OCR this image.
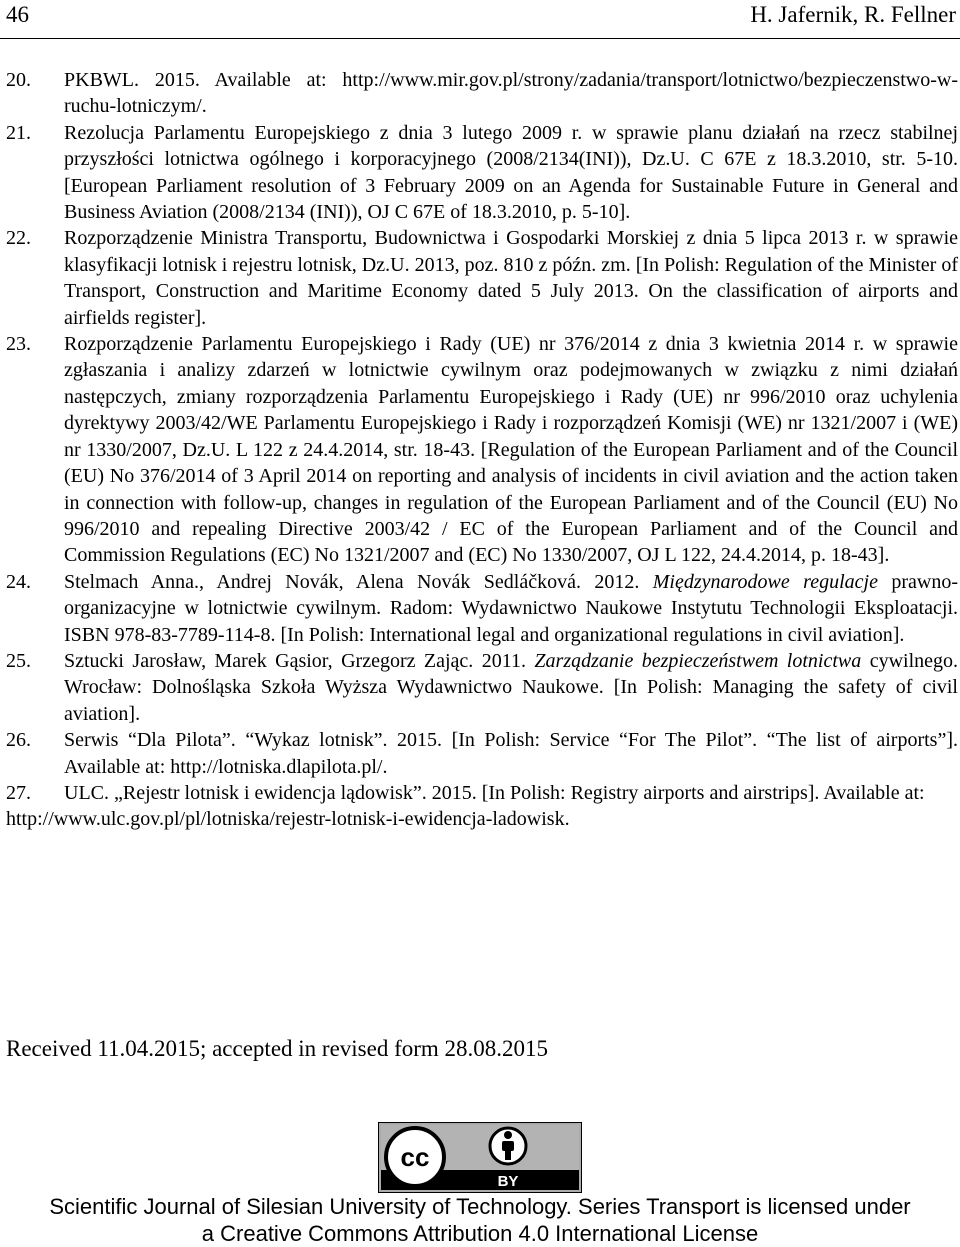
46	H. Jafernik, R. Fellner
20. PKBWL. 2015. Available at: http://www.mir.gov.pl/strony/zadania/transport/lotnictwo/bezpieczenstwo-w-ruchu-lotniczym/.
21. Rezolucja Parlamentu Europejskiego z dnia 3 lutego 2009 r. w sprawie planu działań na rzecz stabilnej przyszłości lotnictwa ogólnego i korporacyjnego (2008/2134(INI)), Dz.U. C 67E z 18.3.2010, str. 5-10. [European Parliament resolution of 3 February 2009 on an Agenda for Sustainable Future in General and Business Aviation (2008/2134 (INI)), OJ C 67E of 18.3.2010, p. 5-10].
22. Rozporządzenie Ministra Transportu, Budownictwa i Gospodarki Morskiej z dnia 5 lipca 2013 r. w sprawie klasyfikacji lotnisk i rejestru lotnisk, Dz.U. 2013, poz. 810 z późn. zm. [In Polish: Regulation of the Minister of Transport, Construction and Maritime Economy dated 5 July 2013. On the classification of airports and airfields register].
23. Rozporządzenie Parlamentu Europejskiego i Rady (UE) nr 376/2014 z dnia 3 kwietnia 2014 r. w sprawie zgłaszania i analizy zdarzeń w lotnictwie cywilnym oraz podejmowanych w związku z nimi działań następczych, zmiany rozporządzenia Parlamentu Europejskiego i Rady (UE) nr 996/2010 oraz uchylenia dyrektywy 2003/42/WE Parlamentu Europejskiego i Rady i rozporządzeń Komisji (WE) nr 1321/2007 i (WE) nr 1330/2007, Dz.U. L 122 z 24.4.2014, str. 18-43. [Regulation of the European Parliament and of the Council (EU) No 376/2014 of 3 April 2014 on reporting and analysis of incidents in civil aviation and the action taken in connection with follow-up, changes in regulation of the European Parliament and of the Council (EU) No 996/2010 and repealing Directive 2003/42 / EC of the European Parliament and of the Council and Commission Regulations (EC) No 1321/2007 and (EC) No 1330/2007, OJ L 122, 24.4.2014, p. 18-43].
24. Stelmach Anna., Andrej Novák, Alena Novák Sedláčková. 2012. Międzynarodowe regulacje prawno-organizacyjne w lotnictwie cywilnym. Radom: Wydawnictwo Naukowe Instytutu Technologii Eksploatacji. ISBN 978-83-7789-114-8. [In Polish: International legal and organizational regulations in civil aviation].
25. Sztucki Jarosław, Marek Gąsior, Grzegorz Zając. 2011. Zarządzanie bezpieczeństwem lotnictwa cywilnego. Wrocław: Dolnośląska Szkoła Wyższa Wydawnictwo Naukowe. [In Polish: Managing the safety of civil aviation].
26. Serwis “Dla Pilota”. “Wykaz lotnisk”. 2015. [In Polish: Service “For The Pilot”. “The list of airports”]. Available at: http://lotniska.dlapilota.pl/.
27. ULC. „Rejestr lotnisk i ewidencja lądowisk”. 2015. [In Polish: Registry airports and airstrips]. Available at:
http://www.ulc.gov.pl/pl/lotniska/rejestr-lotnisk-i-ewidencja-ladowisk.
Received 11.04.2015; accepted in revised form 28.08.2015
cc
BY
Scientific Journal of Silesian University of Technology. Series Transport is licensed under
a Creative Commons Attribution 4.0 International License
